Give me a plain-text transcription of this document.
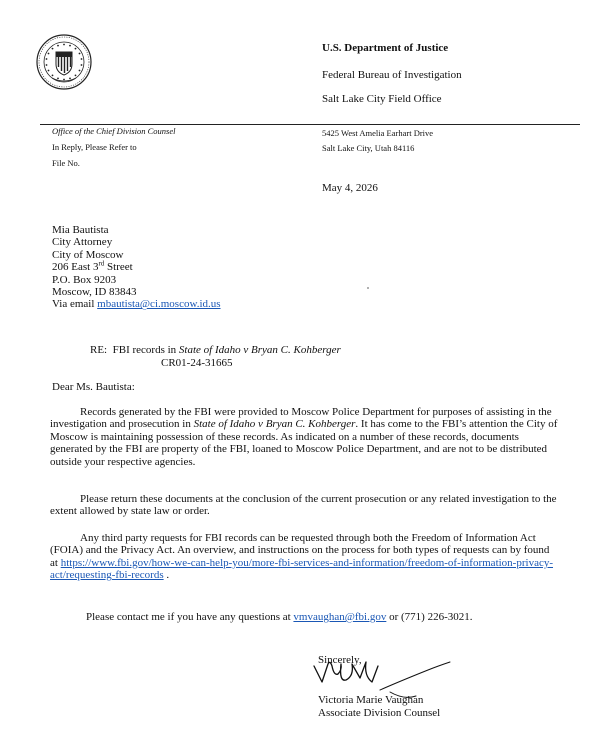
U.S. Department of Justice
Federal Bureau of Investigation
Salt Lake City Field Office
Office of the Chief Division Counsel
In Reply, Please Refer to
File No.
5425 West Amelia Earhart Drive
Salt Lake City, Utah 84116
May 4, 2026
Mia Bautista
City Attorney
City of Moscow
206 East 3rd Street
P.O. Box 9203
Moscow, ID 83843
Via email mbautista@ci.moscow.id.us
RE: FBI records in State of Idaho v Bryan C. Kohberger
CR01-24-31665
Dear Ms. Bautista:
Records generated by the FBI were provided to Moscow Police Department for purposes of assisting in the investigation and prosecution in State of Idaho v Bryan C. Kohberger. It has come to the FBI’s attention the City of Moscow is maintaining possession of these records. As indicated on a number of these records, documents generated by the FBI are property of the FBI, loaned to Moscow Police Department, and are not to be distributed outside your respective agencies.
Please return these documents at the conclusion of the current prosecution or any related investigation to the extent allowed by state law or order.
Any third party requests for FBI records can be requested through both the Freedom of Information Act (FOIA) and the Privacy Act. An overview, and instructions on the process for both types of requests can by found at https://www.fbi.gov/how-we-can-help-you/more-fbi-services-and-information/freedom-of-information-privacy-act/requesting-fbi-records .
Please contact me if you have any questions at vmvaughan@fbi.gov or (771) 226-3021.
Sincerely,
Victoria Marie Vaughan
Associate Division Counsel
